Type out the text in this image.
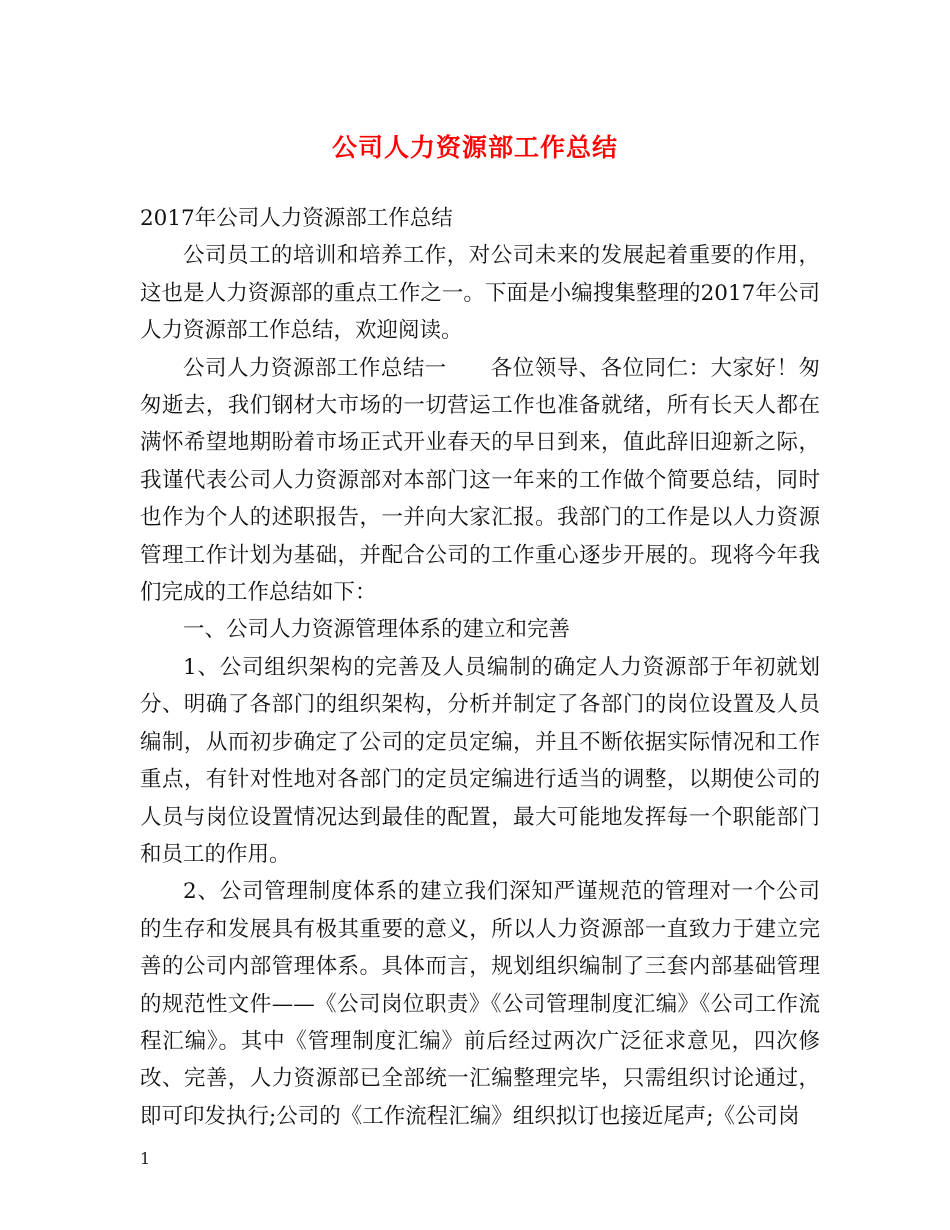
公司人力资源部工作总结

2017年公司人力资源部工作总结

公司员工的培训和培养工作，对公司未来的发展起着重要的作用，这也是人力资源部的重点工作之一。下面是小编搜集整理的2017年公司人力资源部工作总结，欢迎阅读。

公司人力资源部工作总结一　　各位领导、各位同仁：大家好！匆匆逝去，我们钢材大市场的一切营运工作也准备就绪，所有长天人都在满怀希望地期盼着市场正式开业春天的早日到来，值此辞旧迎新之际，我谨代表公司人力资源部对本部门这一年来的工作做个简要总结，同时也作为个人的述职报告，一并向大家汇报。我部门的工作是以人力资源管理工作计划为基础，并配合公司的工作重心逐步开展的。现将今年我们完成的工作总结如下：

一、公司人力资源管理体系的建立和完善

1、公司组织架构的完善及人员编制的确定人力资源部于年初就划分、明确了各部门的组织架构，分析并制定了各部门的岗位设置及人员编制，从而初步确定了公司的定员定编，并且不断依据实际情况和工作重点，有针对性地对各部门的定员定编进行适当的调整，以期使公司的人员与岗位设置情况达到最佳的配置，最大可能地发挥每一个职能部门和员工的作用。

2、公司管理制度体系的建立我们深知严谨规范的管理对一个公司的生存和发展具有极其重要的意义，所以人力资源部一直致力于建立完善的公司内部管理体系。具体而言，规划组织编制了三套内部基础管理的规范性文件——《公司岗位职责》《公司管理制度汇编》《公司工作流程汇编》。其中《管理制度汇编》前后经过两次广泛征求意见，四次修改、完善，人力资源部已全部统一汇编整理完毕，只需组织讨论通过，即可印发执行;公司的《工作流程汇编》组织拟订也接近尾声;《公司岗

1
